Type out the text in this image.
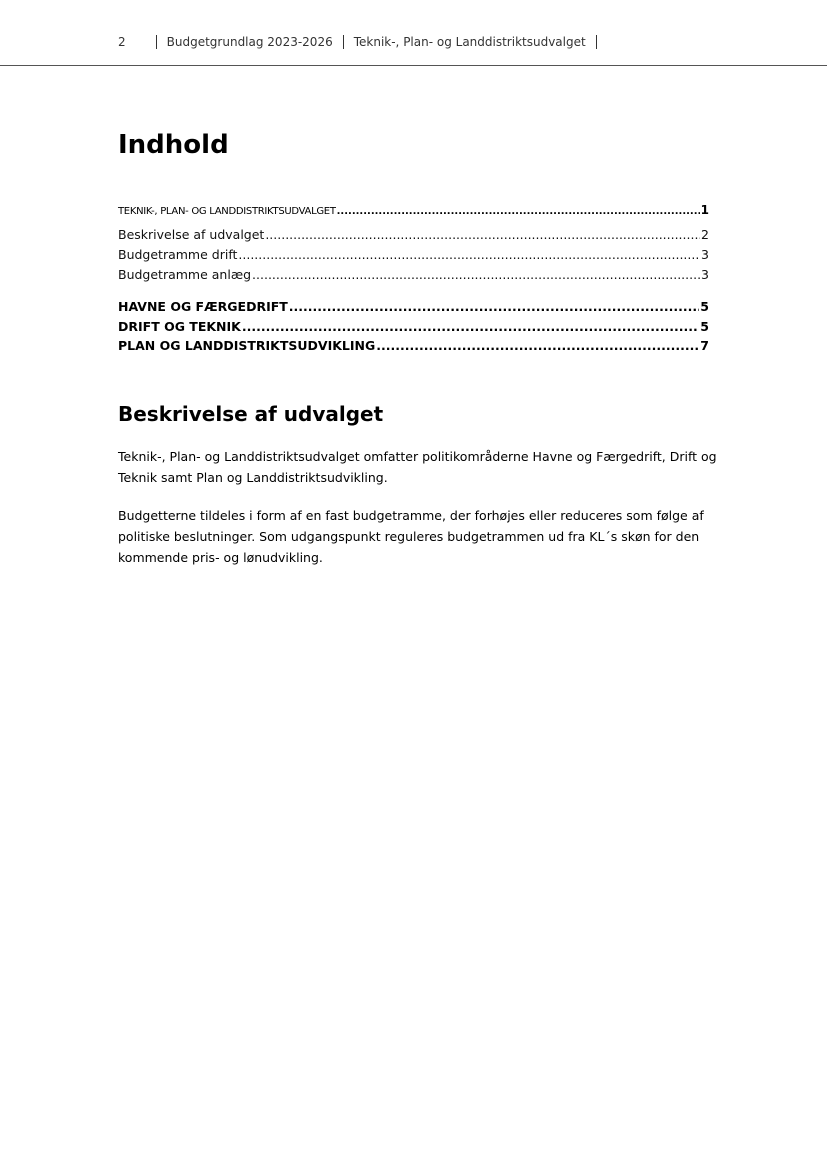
2	Budgetgrundlag 2023-2026 Teknik-, Plan- og Landdistriktsudvalget
Indhold
TEKNIK-, PLAN- OG LANDDISTRIKTSUDVALGET .....	1
Beskrivelse af udvalget .....	2
Budgetramme drift .....	3
Budgetramme anlæg .....	3
HAVNE OG FÆRGEDRIFT .....	5
DRIFT OG TEKNIK .....	5
PLAN OG LANDDISTRIKTSUDVIKLING .....	7
Beskrivelse af udvalget

Teknik-, Plan- og Landdistriktsudvalget omfatter politikområderne Havne og Færgedrift, Drift og Teknik samt Plan og Landdistriktsudvikling.

Budgetterne tildeles i form af en fast budgetramme, der forhøjes eller reduceres som følge af politiske beslutninger. Som udgangspunkt reguleres budgetrammen ud fra KL´s skøn for den kommende pris- og lønudvikling.
